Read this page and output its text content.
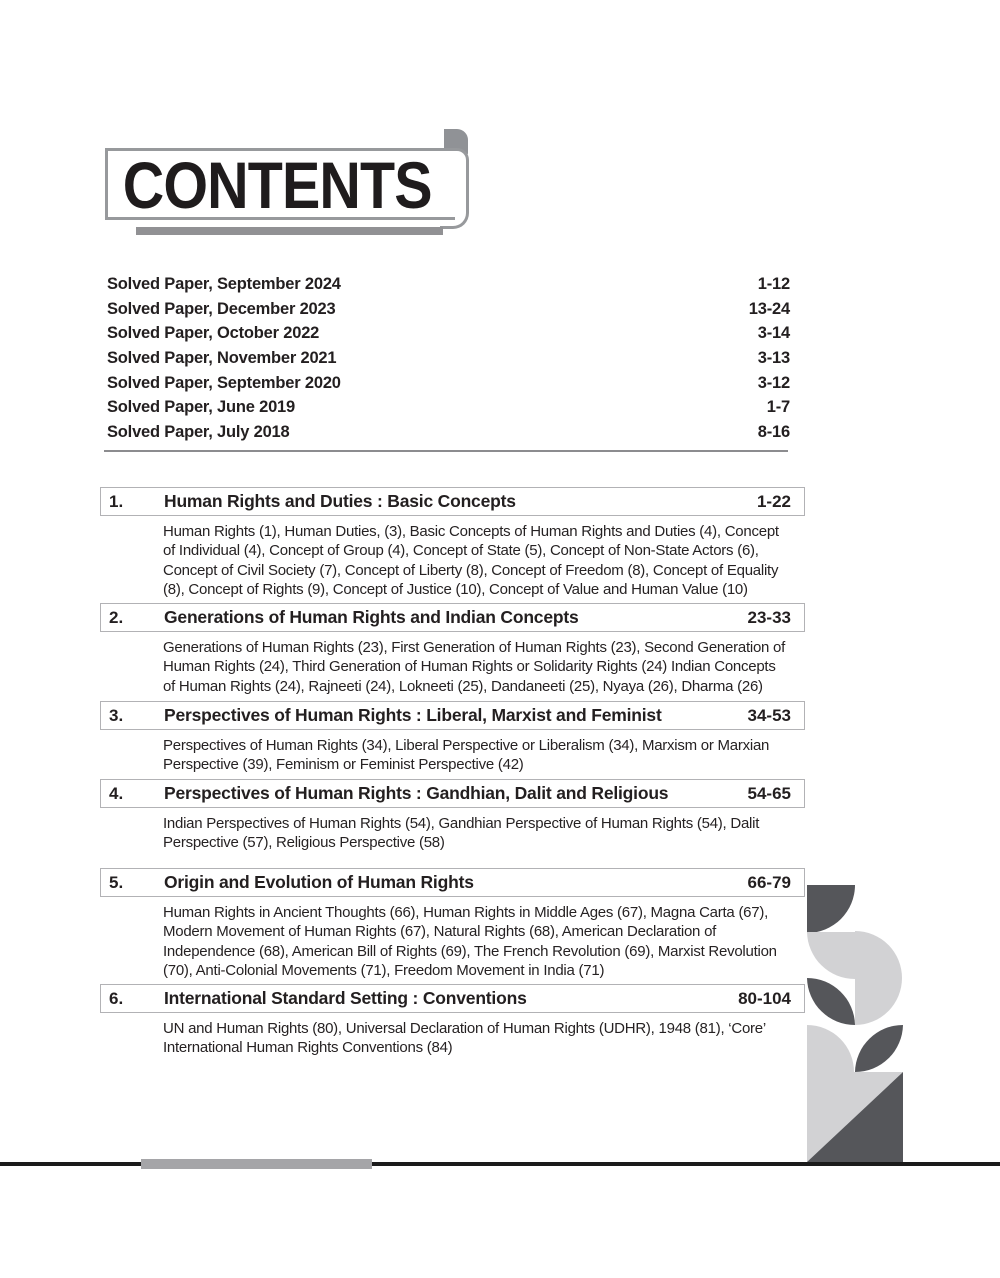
CONTENTS
Solved Paper, September 2024	1-12
Solved Paper, December 2023	13-24
Solved Paper, October 2022	3-14
Solved Paper, November 2021	3-13
Solved Paper, September 2020	3-12
Solved Paper, June 2019	1-7
Solved Paper, July 2018	8-16
1.	Human Rights and Duties : Basic Concepts	1-22
Human Rights (1), Human Duties, (3), Basic Concepts of Human Rights and Duties (4), Concept of Individual (4), Concept of Group (4), Concept of State (5), Concept of Non-State Actors (6), Concept of Civil Society (7), Concept of Liberty (8), Concept of Freedom (8), Concept of Equality (8), Concept of Rights (9), Concept of Justice (10), Concept of Value and Human Value (10)
2.	Generations of Human Rights and Indian Concepts	23-33
Generations of Human Rights (23), First Generation of Human Rights (23), Second Generation of Human Rights (24), Third Generation of Human Rights or Solidarity Rights (24) Indian Concepts of Human Rights (24), Rajneeti (24), Lokneeti (25), Dandaneeti (25), Nyaya (26), Dharma (26)
3.	Perspectives of Human Rights : Liberal, Marxist and Feminist	34-53
Perspectives of Human Rights (34), Liberal Perspective or Liberalism (34), Marxism or Marxian Perspective (39), Feminism or Feminist Perspective (42)
4.	Perspectives of Human Rights : Gandhian, Dalit and Religious	54-65
Indian Perspectives of Human Rights (54), Gandhian Perspective of Human Rights (54), Dalit Perspective (57), Religious Perspective (58)
5.	Origin and Evolution of Human Rights	66-79
Human Rights in Ancient Thoughts (66), Human Rights in Middle Ages (67), Magna Carta (67), Modern Movement of Human Rights (67), Natural Rights (68), American Declaration of Independence (68), American Bill of Rights (69), The French Revolution (69), Marxist Revolution (70), Anti-Colonial Movements (71), Freedom Movement in India (71)
6.	International Standard Setting : Conventions	80-104
UN and Human Rights (80), Universal Declaration of Human Rights (UDHR), 1948 (81), ‘Core’ International Human Rights Conventions (84)
